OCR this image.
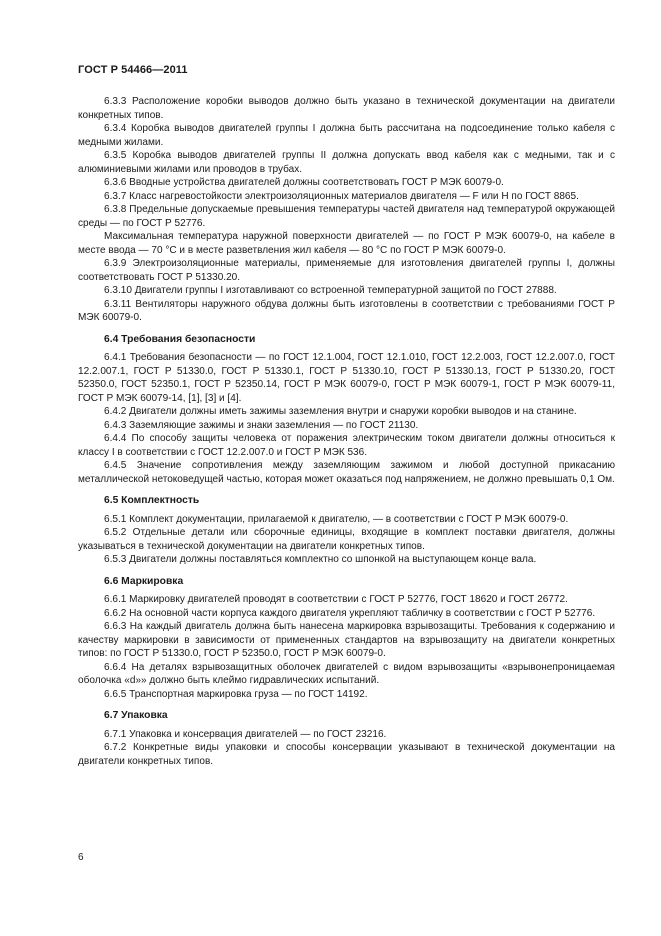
ГОСТ Р 54466—2011

6.3.3 Расположение коробки выводов должно быть указано в технической документации на двигатели конкретных типов.

6.3.4 Коробка выводов двигателей группы I должна быть рассчитана на подсоединение только кабеля с медными жилами.

6.3.5 Коробка выводов двигателей группы II должна допускать ввод кабеля как с медными, так и с алюминиевыми жилами или проводов в трубах.

6.3.6 Вводные устройства двигателей должны соответствовать ГОСТ Р МЭК 60079-0.

6.3.7 Класс нагревостойкости электроизоляционных материалов двигателя — F или H по ГОСТ 8865.

6.3.8 Предельные допускаемые превышения температуры частей двигателя над температурой окружающей среды — по ГОСТ Р 52776.

Максимальная температура наружной поверхности двигателей — по ГОСТ Р МЭК 60079-0, на кабеле в месте ввода — 70 °С и в месте разветвления жил кабеля — 80 °С по ГОСТ Р МЭК 60079-0.

6.3.9 Электроизоляционные материалы, применяемые для изготовления двигателей группы I, должны соответствовать ГОСТ Р 51330.20.

6.3.10 Двигатели группы I изготавливают со встроенной температурной защитой по ГОСТ 27888.

6.3.11 Вентиляторы наружного обдува должны быть изготовлены в соответствии с требованиями ГОСТ Р МЭК 60079-0.

6.4 Требования безопасности

6.4.1 Требования безопасности — по ГОСТ 12.1.004, ГОСТ 12.1.010, ГОСТ 12.2.003, ГОСТ 12.2.007.0, ГОСТ 12.2.007.1, ГОСТ Р 51330.0, ГОСТ Р 51330.1, ГОСТ Р 51330.10, ГОСТ Р 51330.13, ГОСТ Р 51330.20, ГОСТ 52350.0, ГОСТ 52350.1, ГОСТ Р 52350.14, ГОСТ Р МЭК 60079-0, ГОСТ Р МЭК 60079-1, ГОСТ Р МЭК 60079-11, ГОСТ Р МЭК 60079-14, [1], [3] и [4].

6.4.2 Двигатели должны иметь зажимы заземления внутри и снаружи коробки выводов и на станине.

6.4.3 Заземляющие зажимы и знаки заземления — по ГОСТ 21130.

6.4.4 По способу защиты человека от поражения электрическим током двигатели должны относиться к классу I в соответствии с ГОСТ 12.2.007.0 и ГОСТ Р МЭК 536.

6.4.5 Значение сопротивления между заземляющим зажимом и любой доступной прикасанию металлической нетоковедущей частью, которая может оказаться под напряжением, не должно превышать 0,1 Ом.

6.5 Комплектность

6.5.1 Комплект документации, прилагаемой к двигателю, — в соответствии с ГОСТ Р МЭК 60079-0.

6.5.2 Отдельные детали или сборочные единицы, входящие в комплект поставки двигателя, должны указываться в технической документации на двигатели конкретных типов.

6.5.3 Двигатели должны поставляться комплектно со шпонкой на выступающем конце вала.

6.6 Маркировка

6.6.1 Маркировку двигателей проводят в соответствии с ГОСТ Р 52776, ГОСТ 18620 и ГОСТ 26772.

6.6.2 На основной части корпуса каждого двигателя укрепляют табличку в соответствии с ГОСТ Р 52776.

6.6.3 На каждый двигатель должна быть нанесена маркировка взрывозащиты. Требования к содержанию и качеству маркировки в зависимости от примененных стандартов на взрывозащиту на двигатели конкретных типов: по ГОСТ Р 51330.0, ГОСТ Р 52350.0, ГОСТ Р МЭК 60079-0.

6.6.4 На деталях взрывозащитных оболочек двигателей с видом взрывозащиты «взрывонепроницаемая оболочка «d»» должно быть клеймо гидравлических испытаний.

6.6.5 Транспортная маркировка груза — по ГОСТ 14192.

6.7 Упаковка

6.7.1 Упаковка и консервация двигателей — по ГОСТ 23216.

6.7.2 Конкретные виды упаковки и способы консервации указывают в технической документации на двигатели конкретных типов.

6
